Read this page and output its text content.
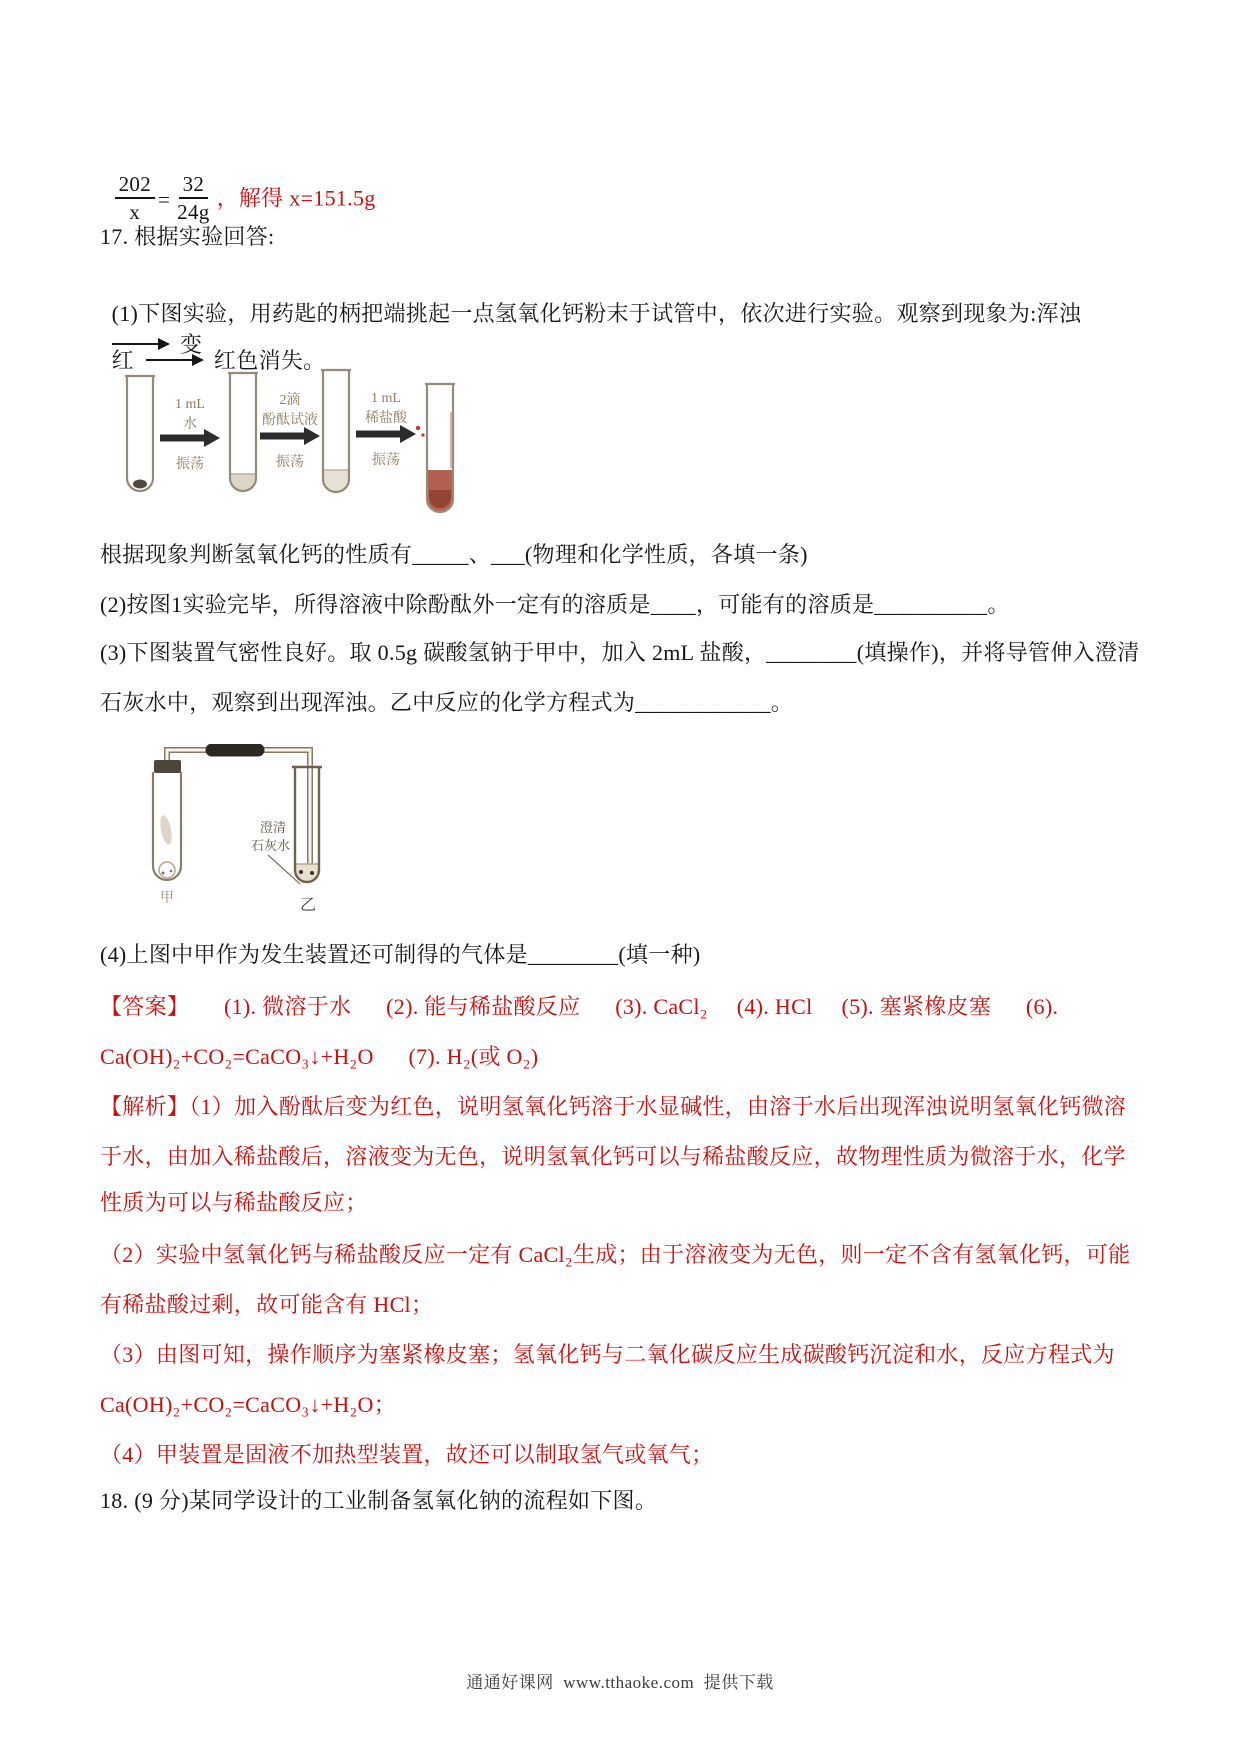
$\frac{202}{x} = \frac{32}{24g}$ ，解得 x=151.5g

17. 根据实验回答:

(1)下图实验，用药匙的柄把端挑起一点氢氧化钙粉末于试管中，依次进行实验。观察到现象为:浑浊变

红	红色消失。

1 mL
水
振荡
2滴
酚酞试液
振荡
1 mL
稀盐酸
振荡
根据现象判断氢氧化钙的性质有_____、___(物理和化学性质，各填一条)
(2)按图1实验完毕，所得溶液中除酚酞外一定有的溶质是____，可能有的溶质是__________。
(3)下图装置气密性良好。取 0.5g 碳酸氢钠于甲中，加入 2mL 盐酸，________(填操作)，并将导管伸入澄清
石灰水中，观察到出现浑浊。乙中反应的化学方程式为____________。
澄清
石灰水
甲	乙
(4)上图中甲作为发生装置还可制得的气体是________(填一种)
【答案】      (1). 微溶于水      (2). 能与稀盐酸反应      (3). CaCl₂     (4). HCl     (5). 塞紧橡皮塞      (6).
Ca(OH)₂+CO₂=CaCO₃↓+H₂O      (7). H₂(或 O₂)
【解析】（1）加入酚酞后变为红色，说明氢氧化钙溶于水显碱性，由溶于水后出现浑浊说明氢氧化钙微溶
于水，由加入稀盐酸后，溶液变为无色，说明氢氧化钙可以与稀盐酸反应，故物理性质为微溶于水，化学
性质为可以与稀盐酸反应；
（2）实验中氢氧化钙与稀盐酸反应一定有 CaCl₂生成；由于溶液变为无色，则一定不含有氢氧化钙，可能
有稀盐酸过剩，故可能含有 HCl；
（3）由图可知，操作顺序为塞紧橡皮塞；氢氧化钙与二氧化碳反应生成碳酸钙沉淀和水，反应方程式为
Ca(OH)₂+CO₂=CaCO₃↓+H₂O；
（4）甲装置是固液不加热型装置，故还可以制取氢气或氧气；
18. (9 分)某同学设计的工业制备氢氧化钠的流程如下图。
通通好课网  www.tthaoke.com  提供下载
